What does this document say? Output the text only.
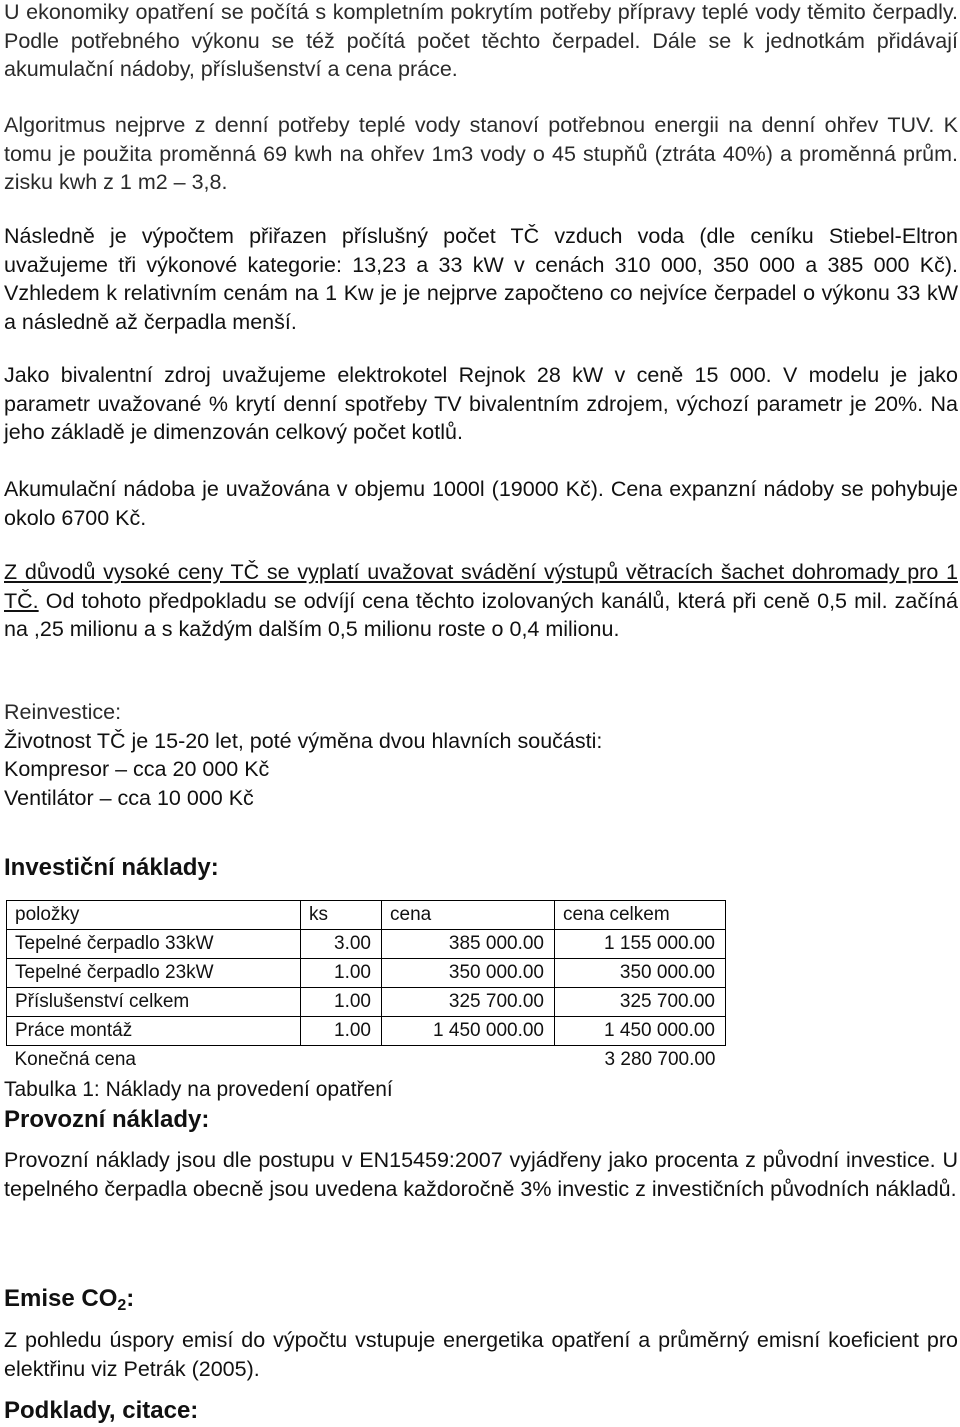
U ekonomiky opatření se počítá s kompletním pokrytím potřeby přípravy teplé vody těmito čerpadly. Podle potřebného výkonu se též počítá počet těchto čerpadel. Dále se k jednotkám přidávají akumulační nádoby, příslušenství a cena práce.

Algoritmus nejprve z denní potřeby teplé vody stanoví potřebnou energii na denní ohřev TUV. K tomu je použita proměnná 69 kwh na ohřev 1m3 vody o 45 stupňů (ztráta 40%) a proměnná prům. zisku kwh z 1 m2 – 3,8.

Následně je výpočtem přiřazen příslušný počet TČ vzduch voda (dle ceníku Stiebel-Eltron uvažujeme tři výkonové kategorie: 13,23 a 33 kW v cenách 310 000, 350 000 a 385 000 Kč). Vzhledem k relativním cenám na 1 Kw je je nejprve započteno co nejvíce čerpadel o výkonu 33 kW a následně až čerpadla menší.

Jako bivalentní zdroj uvažujeme elektrokotel Rejnok 28 kW v ceně 15 000. V modelu je jako parametr uvažované % krytí denní spotřeby TV bivalentním zdrojem, výchozí parametr je 20%. Na jeho základě je dimenzován celkový počet kotlů.

Akumulační nádoba je uvažována v objemu 1000l (19000 Kč). Cena expanzní nádoby se pohybuje okolo 6700 Kč.

Z důvodů vysoké ceny TČ se vyplatí uvažovat svádění výstupů větracích šachet dohromady pro 1 TČ. Od tohoto předpokladu se odvíjí cena těchto izolovaných kanálů, která při ceně 0,5 mil. začíná na ,25 milionu a s každým dalším 0,5 milionu roste o 0,4 milionu.

Reinvestice:
Životnost TČ je 15-20 let, poté výměna dvou hlavních součásti:
Kompresor – cca 20 000 Kč
Ventilátor – cca 10 000 Kč
Investiční náklady:
položky	ks	cena	cena celkem
Tepelné čerpadlo 33kW	3.00	385 000.00	1 155 000.00
Tepelné čerpadlo 23kW	1.00	350 000.00	350 000.00
Příslušenství celkem	1.00	325 700.00	325 700.00
Práce montáž	1.00	1 450 000.00	1 450 000.00
Konečná cena			3 280 700.00

Tabulka 1: Náklady na provedení opatření

Provozní náklady:

Provozní náklady jsou dle postupu v EN15459:2007 vyjádřeny jako procenta z původní investice. U tepelného čerpadla obecně jsou uvedena každoročně 3% investic z investičních původních nákladů.

Emise $CO_2$:

Z pohledu úspory emisí do výpočtu vstupuje energetika opatření a průměrný emisní koeficient pro elektřinu viz Petrák (2005).

Podklady, citace:
